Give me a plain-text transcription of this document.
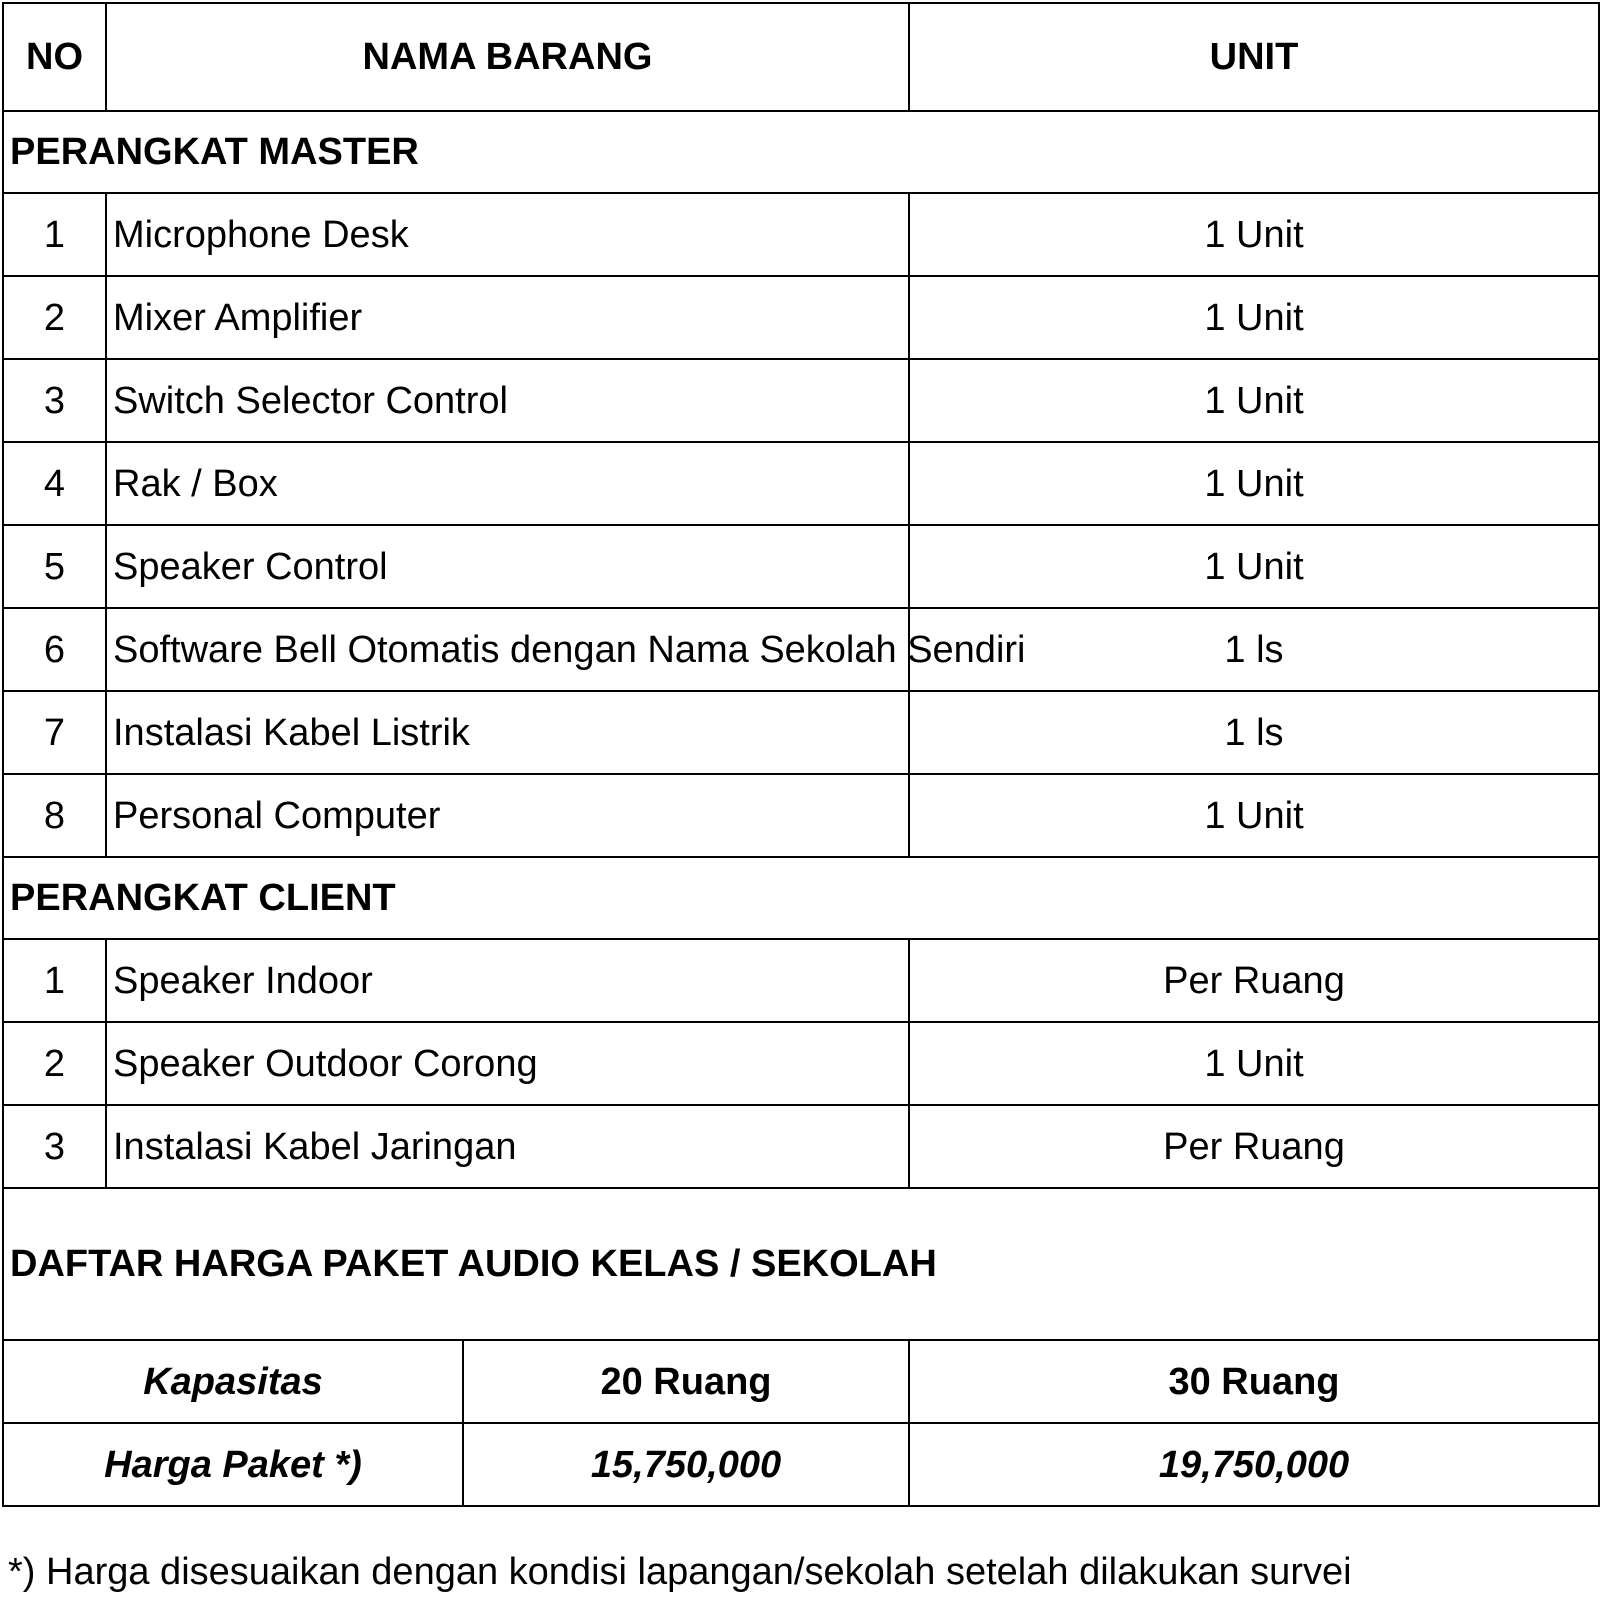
NO	NAMA BARANG		UNIT
PERANGKAT MASTER			
1	Microphone Desk		1 Unit
2	Mixer Amplifier		1 Unit
3	Switch Selector Control		1 Unit
4	Rak / Box		1 Unit
5	Speaker Control		1 Unit
6	Software Bell Otomatis dengan Nama Sekolah Sendiri		1 ls
7	Instalasi Kabel Listrik		1 ls
8	Personal Computer		1 Unit
PERANGKAT CLIENT			
1	Speaker Indoor		Per Ruang
2	Speaker Outdoor Corong		1 Unit
3	Instalasi Kabel Jaringan		Per Ruang
DAFTAR HARGA PAKET AUDIO KELAS / SEKOLAH			
Kapasitas		20 Ruang	30 Ruang
Harga Paket *)		15,750,000	19,750,000
*) Harga disesuaikan dengan kondisi lapangan/sekolah setelah dilakukan survei
